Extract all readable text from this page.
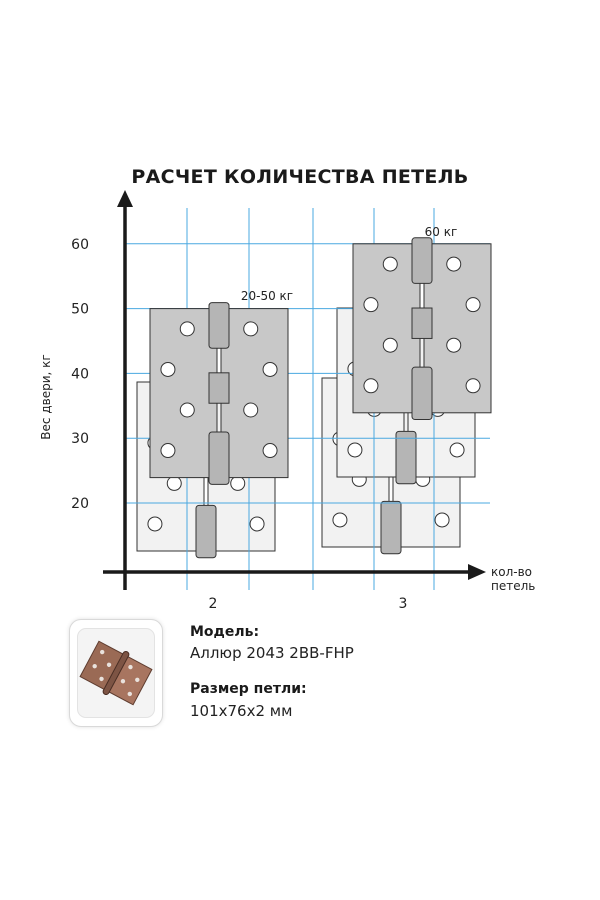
РАСЧЕТ КОЛИЧЕСТВА ПЕТЕЛЬ
20
30
40
50
60
2	3
Вес двери, кг
кол-во
петель
20-50 кг
60 кг
Модель:
Аллюр 2043 2BB-FHP
Размер петли:
101x76x2 мм
